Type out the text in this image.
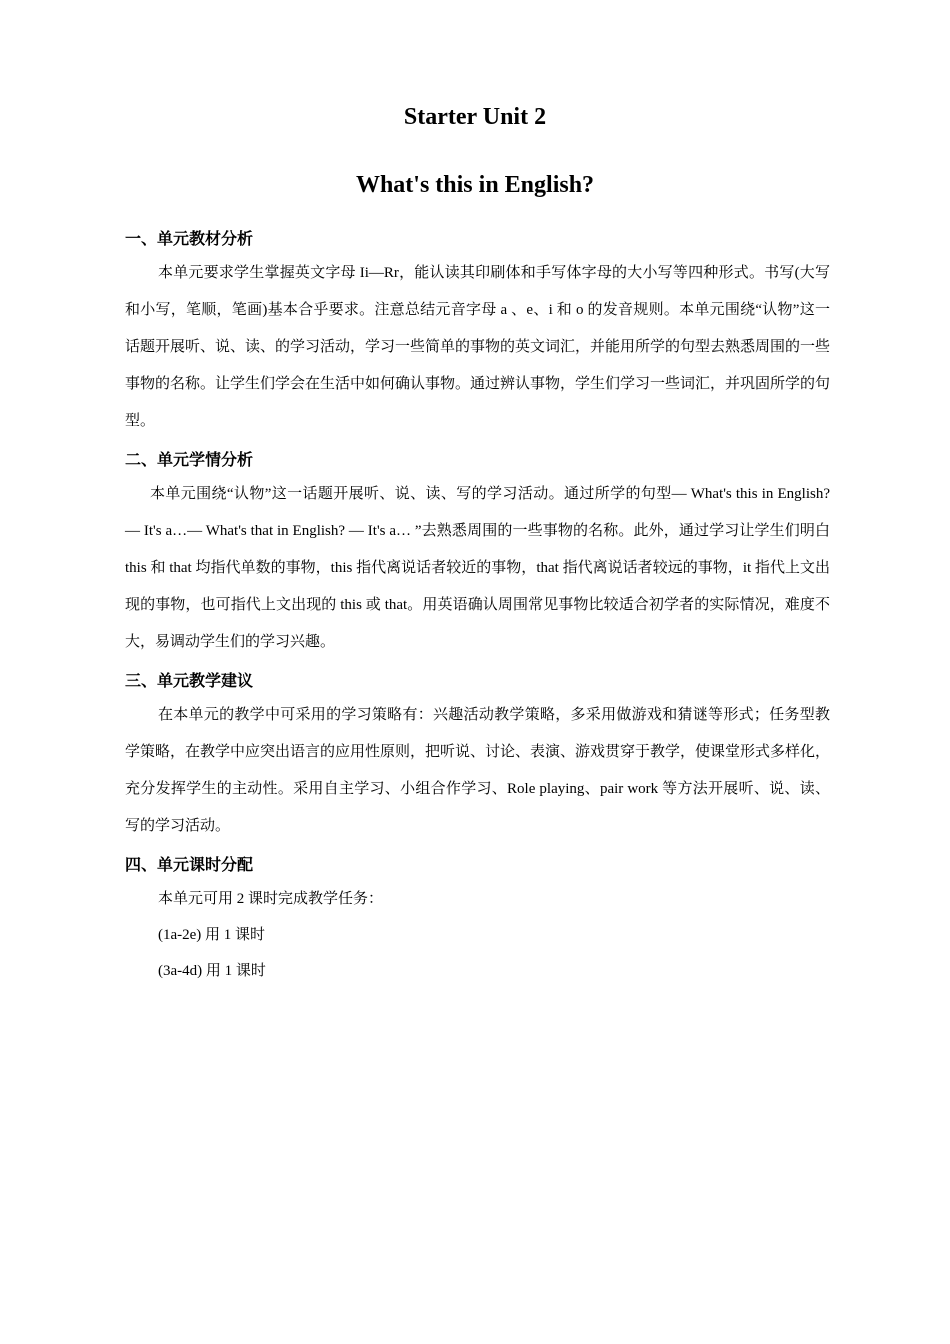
Starter Unit 2
What's this in English?
一、单元教材分析

本单元要求学生掌握英文字母 Ii—Rr，能认读其印刷体和手写体字母的大小写等四种形式。书写(大写和小写，笔顺，笔画)基本合乎要求。注意总结元音字母 a 、e、i 和 o 的发音规则。本单元围绕“认物”这一话题开展听、说、读、的学习活动，学习一些简单的事物的英文词汇，并能用所学的句型去熟悉周围的一些事物的名称。让学生们学会在生活中如何确认事物。通过辨认事物，学生们学习一些词汇，并巩固所学的句型。

二、单元学情分析

本单元围绕“认物”这一话题开展听、说、读、写的学习活动。通过所学的句型— What's this in English? — It's a…— What's that in English? — It's a… ”去熟悉周围的一些事物的名称。此外，通过学习让学生们明白 this 和 that 均指代单数的事物，this 指代离说话者较近的事物，that 指代离说话者较远的事物，it 指代上文出现的事物，也可指代上文出现的 this 或 that。用英语确认周围常见事物比较适合初学者的实际情况，难度不大，易调动学生们的学习兴趣。

三、单元教学建议

在本单元的教学中可采用的学习策略有：兴趣活动教学策略，多采用做游戏和猜谜等形式；任务型教学策略，在教学中应突出语言的应用性原则，把听说、讨论、表演、游戏贯穿于教学，使课堂形式多样化，充分发挥学生的主动性。采用自主学习、小组合作学习、Role playing、pair work 等方法开展听、说、读、写的学习活动。

四、单元课时分配
本单元可用 2 课时完成教学任务：
(1a-2e) 用 1 课时
(3a-4d) 用 1 课时
